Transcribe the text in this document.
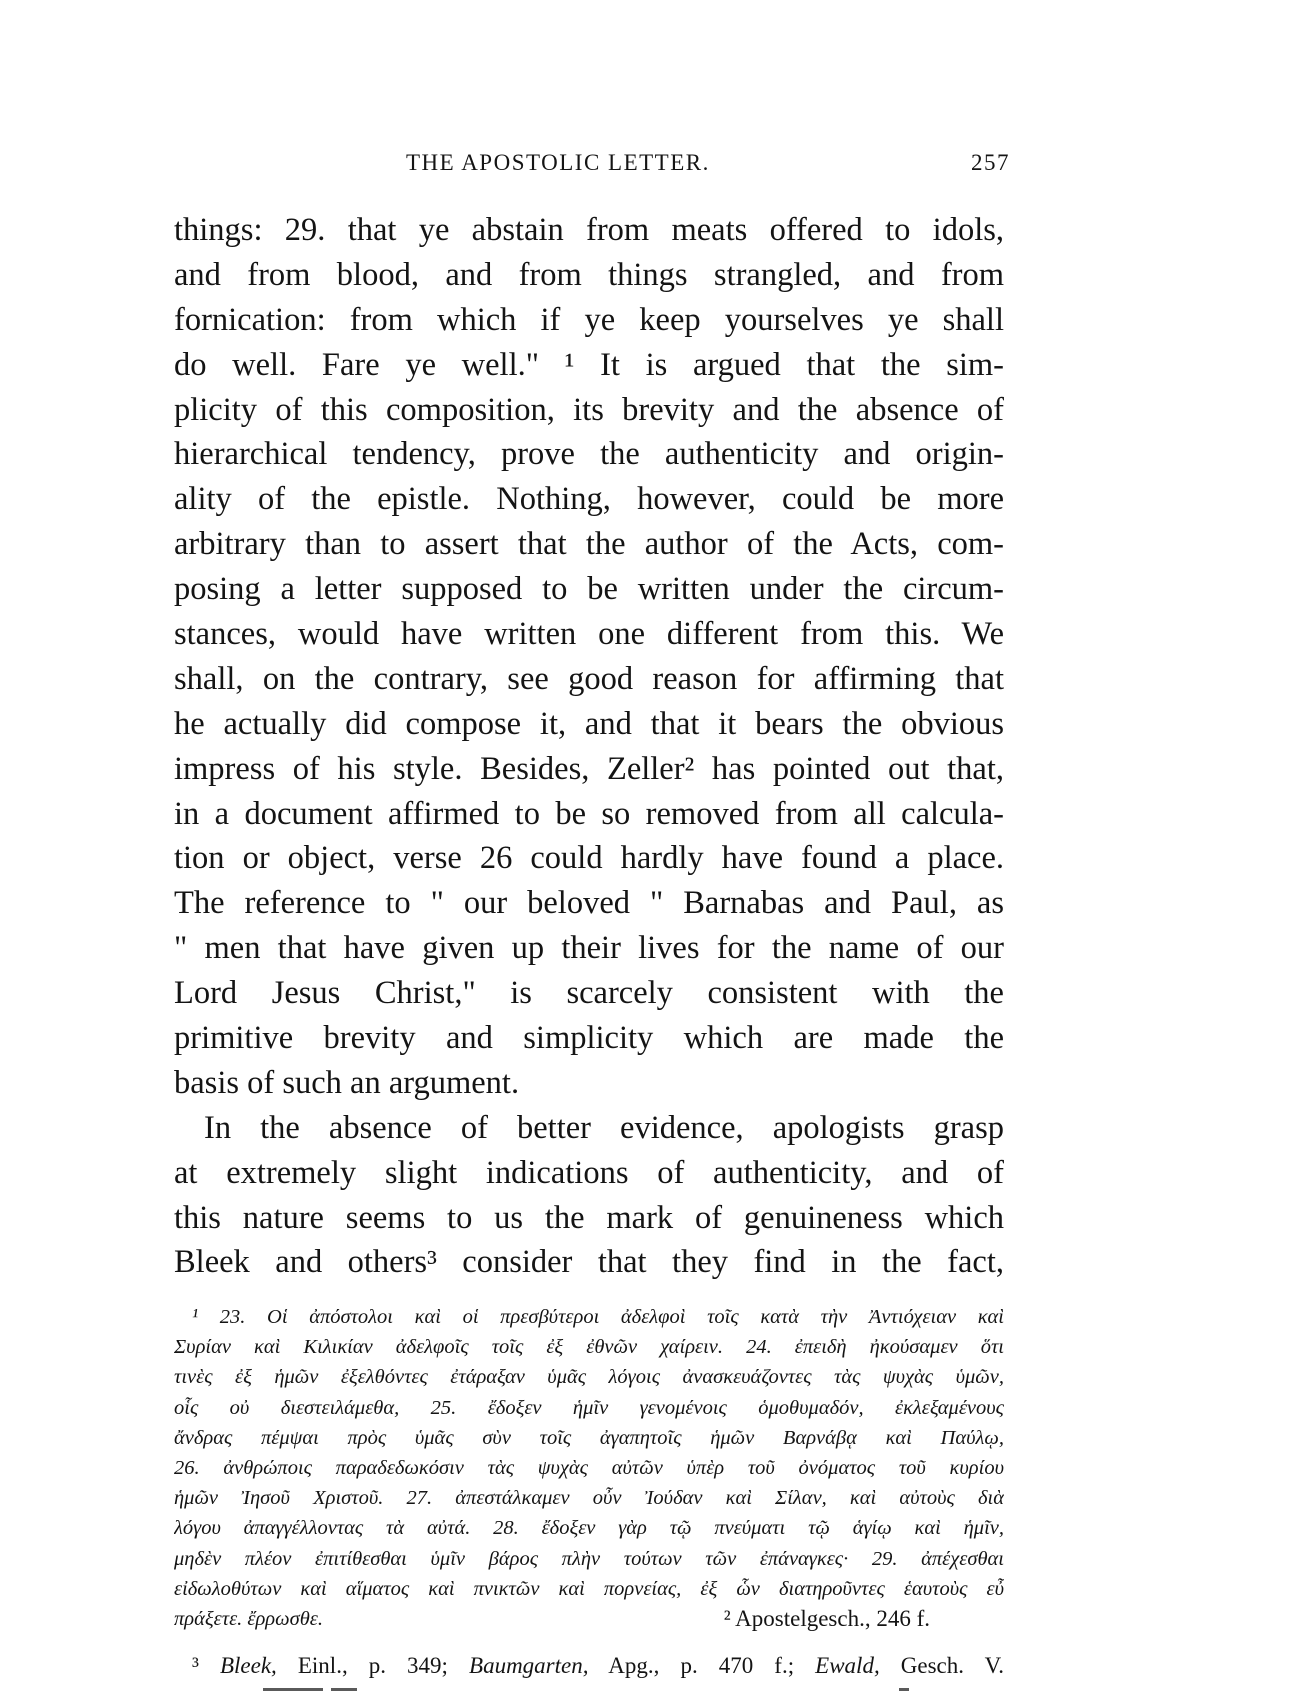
THE APOSTOLIC LETTER.	257
things: 29. that ye abstain from meats offered to idols,
and from blood, and from things strangled, and from
fornication: from which if ye keep yourselves ye shall
do well. Fare ye well." ¹ It is argued that the sim-
plicity of this composition, its brevity and the absence of
hierarchical tendency, prove the authenticity and origin-
ality of the epistle. Nothing, however, could be more
arbitrary than to assert that the author of the Acts, com-
posing a letter supposed to be written under the circum-
stances, would have written one different from this. We
shall, on the contrary, see good reason for affirming that
he actually did compose it, and that it bears the obvious
impress of his style. Besides, Zeller² has pointed out that,
in a document affirmed to be so removed from all calcula-
tion or object, verse 26 could hardly have found a place.
The reference to " our beloved " Barnabas and Paul, as
" men that have given up their lives for the name of our
Lord Jesus Christ," is scarcely consistent with the
primitive brevity and simplicity which are made the
basis of such an argument.
In the absence of better evidence, apologists grasp
at extremely slight indications of authenticity, and of
this nature seems to us the mark of genuineness which
Bleek and others³ consider that they find in the fact,
¹ 23. Οἱ ἀπόστολοι καὶ οἱ πρεσβύτεροι ἀδελφοὶ τοῖς κατὰ τὴν Ἀντιόχειαν καὶ
Συρίαν καὶ Κιλικίαν ἀδελφοῖς τοῖς ἐξ ἐθνῶν χαίρειν. 24. ἐπειδὴ ἠκούσαμεν ὅτι
τινὲς ἐξ ἡμῶν ἐξελθόντες ἐτάραξαν ὑμᾶς λόγοις ἀνασκευάζοντες τὰς ψυχὰς ὑμῶν,
οἷς οὐ διεστειλάμεθα, 25. ἔδοξεν ἡμῖν γενομένοις ὁμοθυμαδόν, ἐκλεξαμένους
ἄνδρας πέμψαι πρὸς ὑμᾶς σὺν τοῖς ἀγαπητοῖς ἡμῶν Βαρνάβᾳ καὶ Παύλῳ,
26. ἀνθρώποις παραδεδωκόσιν τὰς ψυχὰς αὐτῶν ὑπὲρ τοῦ ὀνόματος τοῦ κυρίου
ἡμῶν Ἰησοῦ Χριστοῦ. 27. ἀπεστάλκαμεν οὖν Ἰούδαν καὶ Σίλαν, καὶ αὐτοὺς διὰ
λόγου ἀπαγγέλλοντας τὰ αὐτά. 28. ἔδοξεν γὰρ τῷ πνεύματι τῷ ἁγίῳ καὶ ἡμῖν,
μηδὲν πλέον ἐπιτίθεσθαι ὑμῖν βάρος πλὴν τούτων τῶν ἐπάναγκες· 29. ἀπέχεσθαι
εἰδωλοθύτων καὶ αἵματος καὶ πνικτῶν καὶ πορνείας, ἐξ ὧν διατηροῦντες ἑαυτοὺς εὖ
πράξετε. ἔρρωσθε.	² Apostelgesch., 246 f.
³ Bleek, Einl., p. 349; Baumgarten, Apg., p. 470 f.; Ewald, Gesch. V.
